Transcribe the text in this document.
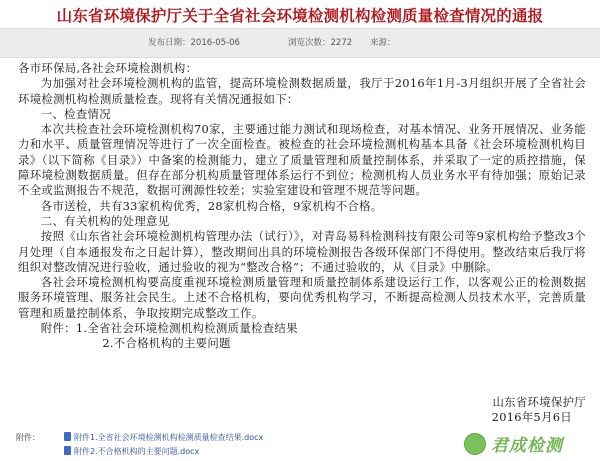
山东省环境保护厅关于全省社会环境检测机构检测质量检查情况的通报
发布日期：2016-05-06	浏览次数：2272 来源：

各市环保局,各社会环境检测机构：

为加强对社会环境检测机构的监管，提高环境检测数据质量，我厅于2016年1月-3月组织开展了全省社会环境检测机构检测质量检查。现将有关情况通报如下：

一、检查情况

本次共检查社会环境检测机构70家，主要通过能力测试和现场检查，对基本情况、业务开展情况、业务能力和水平、质量管理情况等进行了一次全面检查。被检查的社会环境检测机构基本具备《社会环境检测机构目录》（以下简称《目录》）中备案的检测能力，建立了质量管理和质量控制体系，并采取了一定的质控措施，保障环境检测数据质量。但存在部分机构质量管理体系运行不到位；检测机构人员业务水平有待加强；原始记录不全或监测报告不规范，数据可溯源性较差；实验室建设和管理不规范等问题。

各市送检，共有33家机构优秀，28家机构合格，9家机构不合格。

二、有关机构的处理意见

按照《山东省社会环境检测机构管理办法（试行）》，对青岛易科检测科技有限公司等9家机构给予整改3个月处理（自本通报发布之日起计算），整改期间出具的环境检测报告各级环保部门不得使用。整改结束后我厅将组织对整改情况进行验收，通过验收的视为“整改合格”；不通过验收的，从《目录》中删除。

各社会环境检测机构要高度重视环境检测质量管理和质量控制体系建设运行工作，以客观公正的检测数据服务环境管理、服务社会民生。上述不合格机构，要向优秀机构学习，不断提高检测人员技术水平，完善质量管理和质量控制体系，争取按期完成整改工作。

附件：1.全省社会环境检测机构检测质量检查结果

2.不合格机构的主要问题

山东省环境保护厅
2016年5月6日
附件：	附件1.全省社会环境检测机构检测质量检查结果.docx
附件2.不合格机构的主要问题.docx	君成检测
